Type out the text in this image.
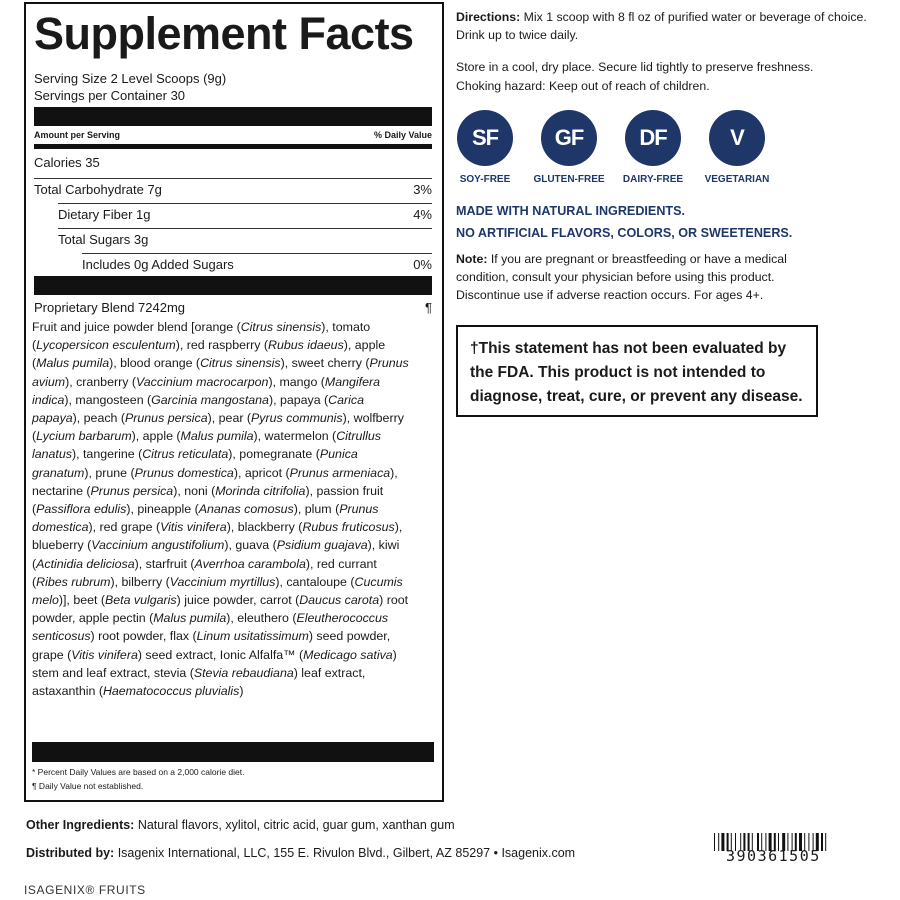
Supplement Facts
Serving Size 2 Level Scoops (9g)
Servings per Container 30
Amount per Serving	% Daily Value
Calories 35
Total Carbohydrate 7g	3%
Dietary Fiber 1g	4%
Total Sugars 3g
Includes 0g Added Sugars	0%
Proprietary Blend 7242mg	¶
Fruit and juice powder blend [orange (Citrus sinensis), tomato (Lycopersicon esculentum), red raspberry (Rubus idaeus), apple (Malus pumila), blood orange (Citrus sinensis), sweet cherry (Prunus avium), cranberry (Vaccinium macrocarpon), mango (Mangifera indica), mangosteen (Garcinia mangostana), papaya (Carica papaya), peach (Prunus persica), pear (Pyrus communis), wolfberry (Lycium barbarum), apple (Malus pumila), watermelon (Citrullus lanatus), tangerine (Citrus reticulata), pomegranate (Punica granatum), prune (Prunus domestica), apricot (Prunus armeniaca), nectarine (Prunus persica), noni (Morinda citrifolia), passion fruit (Passiflora edulis), pineapple (Ananas comosus), plum (Prunus domestica), red grape (Vitis vinifera), blackberry (Rubus fruticosus), blueberry (Vaccinium angustifolium), guava (Psidium guajava), kiwi (Actinidia deliciosa), starfruit (Averrhoa carambola), red currant (Ribes rubrum), bilberry (Vaccinium myrtillus), cantaloupe (Cucumis melo)], beet (Beta vulgaris) juice powder, carrot (Daucus carota) root powder, apple pectin (Malus pumila), eleuthero (Eleutherococcus senticosus) root powder, flax (Linum usitatissimum) seed powder, grape (Vitis vinifera) seed extract, Ionic Alfalfa™ (Medicago sativa) stem and leaf extract, stevia (Stevia rebaudiana) leaf extract, astaxanthin (Haematococcus pluvialis)
* Percent Daily Values are based on a 2,000 calorie diet.
¶ Daily Value not established.
Directions: Mix 1 scoop with 8 fl oz of purified water or beverage of choice. Drink up to twice daily.
Store in a cool, dry place. Secure lid tightly to preserve freshness.
Choking hazard: Keep out of reach of children.
SF	GF	DF	V
SOY-FREE	GLUTEN-FREE	DAIRY-FREE	VEGETARIAN
MADE WITH NATURAL INGREDIENTS.
NO ARTIFICIAL FLAVORS, COLORS, OR SWEETENERS.
Note: If you are pregnant or breastfeeding or have a medical
condition, consult your physician before using this product.
Discontinue use if adverse reaction occurs. For ages 4+.
†This statement has not been evaluated by the FDA. This product is not intended to diagnose, treat, cure, or prevent any disease.
Other Ingredients: Natural flavors, xylitol, citric acid, guar gum, xanthan gum
Distributed by: Isagenix International, LLC, 155 E. Rivulon Blvd., Gilbert, AZ 85297 • Isagenix.com
ISAGENIX® FRUITS
390361505
